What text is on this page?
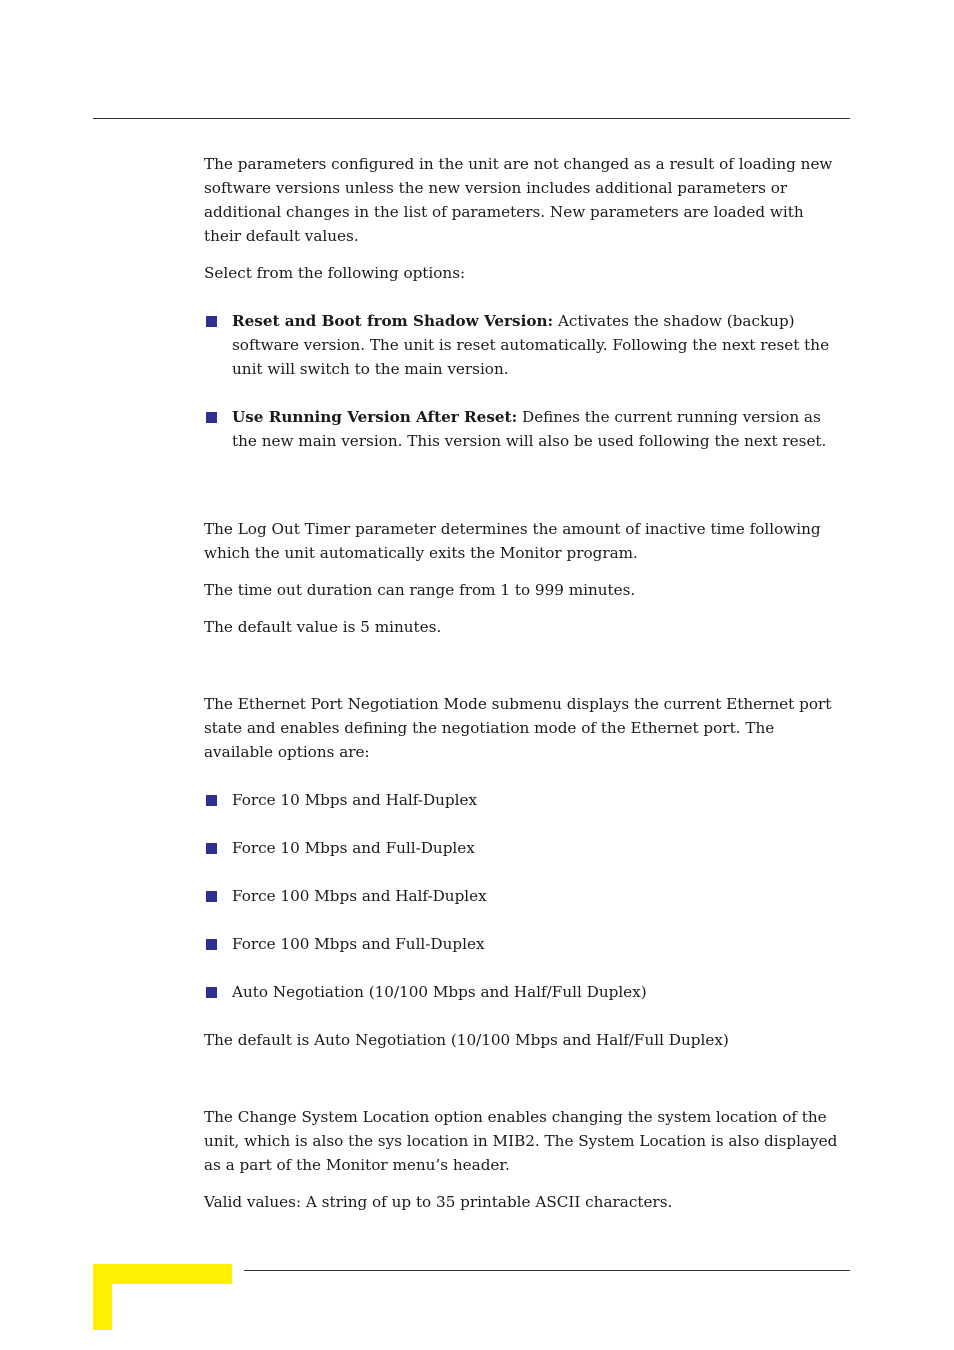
The parameters configured in the unit are not changed as a result of loading new software versions unless the new version includes additional parameters or additional changes in the list of parameters. New parameters are loaded with their default values.

Select from the following options:

Reset and Boot from Shadow Version: Activates the shadow (backup) software version. The unit is reset automatically. Following the next reset the unit will switch to the main version.
Use Running Version After Reset: Defines the current running version as the new main version. This version will also be used following the next reset.

The Log Out Timer parameter determines the amount of inactive time following which the unit automatically exits the Monitor program.

The time out duration can range from 1 to 999 minutes.

The default value is 5 minutes.

The Ethernet Port Negotiation Mode submenu displays the current Ethernet port state and enables defining the negotiation mode of the Ethernet port. The available options are:

Force 10 Mbps and Half-Duplex
Force 10 Mbps and Full-Duplex
Force 100 Mbps and Half-Duplex
Force 100 Mbps and Full-Duplex
Auto Negotiation (10/100 Mbps and Half/Full Duplex)

The default is Auto Negotiation (10/100 Mbps and Half/Full Duplex)

The Change System Location option enables changing the system location of the unit, which is also the sys location in MIB2. The System Location is also displayed as a part of the Monitor menu’s header.

Valid values: A string of up to 35 printable ASCII characters.
